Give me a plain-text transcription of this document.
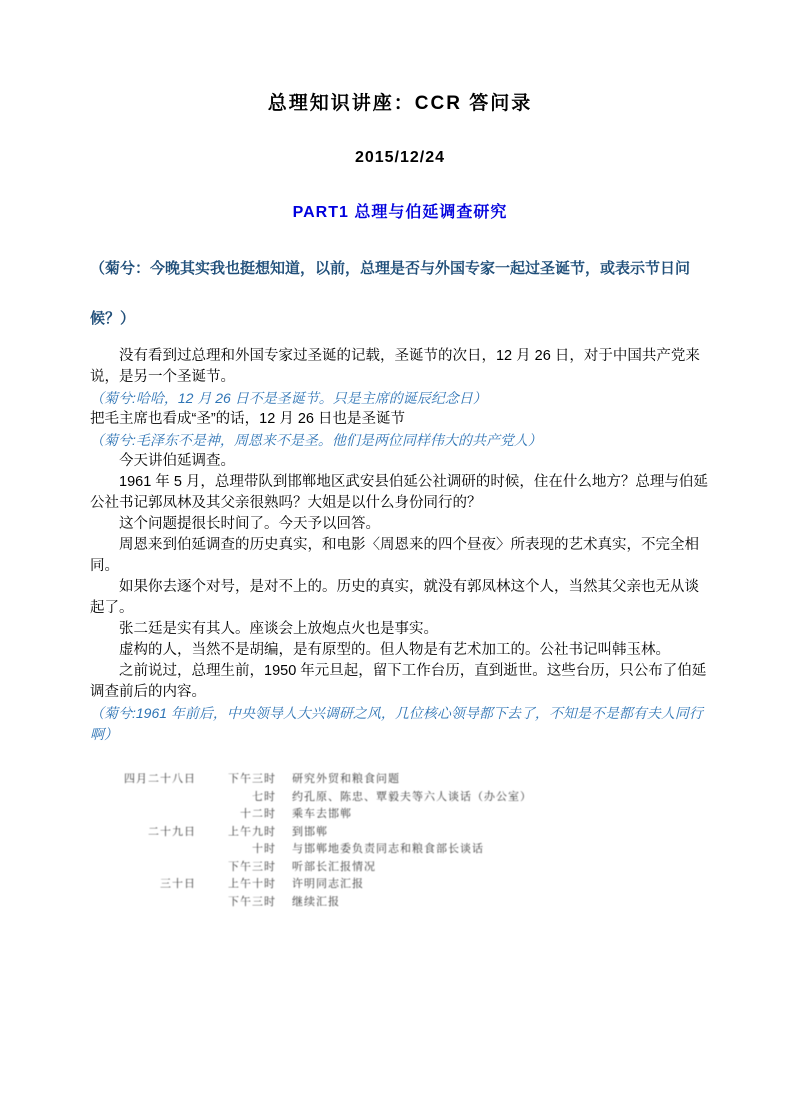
总理知识讲座：CCR 答问录
2015/12/24
PART1 总理与伯延调查研究

（菊兮：今晚其实我也挺想知道，以前，总理是否与外国专家一起过圣诞节，或表示节日问候？）

没有看到过总理和外国专家过圣诞的记载，圣诞节的次日，12 月 26 日，对于中国共产党来说，是另一个圣诞节。

（菊兮:哈哈，12 月 26 日不是圣诞节。只是主席的诞辰纪念日）

把毛主席也看成“圣”的话，12 月 26 日也是圣诞节

（菊兮:毛泽东不是神，周恩来不是圣。他们是两位同样伟大的共产党人）

今天讲伯延调查。

1961 年 5 月，总理带队到邯郸地区武安县伯延公社调研的时候，住在什么地方？总理与伯延公社书记郭凤林及其父亲很熟吗？大姐是以什么身份同行的？

这个问题提很长时间了。今天予以回答。

周恩来到伯延调查的历史真实，和电影〈周恩来的四个昼夜〉所表现的艺术真实，不完全相同。

如果你去逐个对号，是对不上的。历史的真实，就没有郭凤林这个人，当然其父亲也无从谈起了。

张二廷是实有其人。座谈会上放炮点火也是事实。

虚构的人，当然不是胡编，是有原型的。但人物是有艺术加工的。公社书记叫韩玉林。

之前说过，总理生前，1950 年元旦起，留下工作台历，直到逝世。这些台历，只公布了伯延调查前后的内容。

（菊兮:1961 年前后，中央领导人大兴调研之风，几位核心领导都下去了，不知是不是都有夫人同行啊）

四月二十八日	下午三时 研究外贸和粮食问题
七时 约孔原、陈忠、覃毅夫等六人谈话（办公室）
十二时 乘车去邯郸
二十九日	上午九时 到邯郸
十时 与邯郸地委负责同志和粮食部长谈话
下午三时 听部长汇报情况
三十日	上午十时 许明同志汇报
下午三时 继续汇报
